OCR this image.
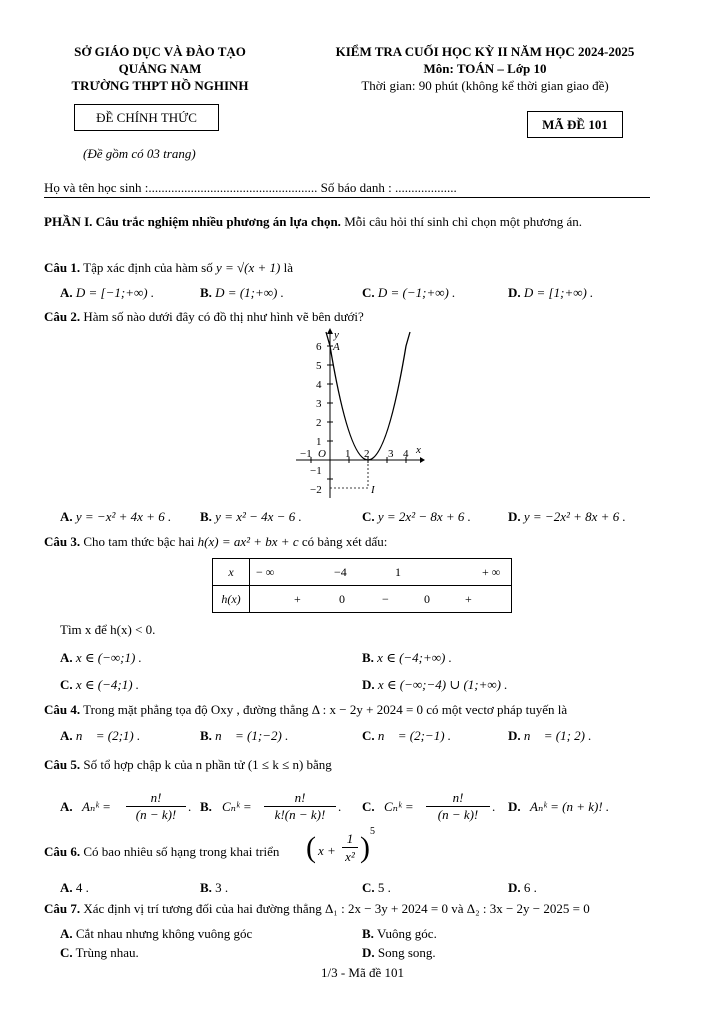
SỞ GIÁO DỤC VÀ ĐÀO TẠO
QUẢNG NAM
TRƯỜNG THPT HỒ NGHINH
KIỂM TRA CUỐI HỌC KỲ II NĂM HỌC 2024-2025
Môn: TOÁN – Lớp 10
Thời gian: 90 phút (không kể thời gian giao đề)
ĐỀ CHÍNH THỨC	MÃ ĐỀ 101
(Đề gồm có 03 trang)
Họ và tên học sinh :.................................................... Số báo danh : ...................
PHẦN I. Câu trắc nghiệm nhiều phương án lựa chọn. Mỗi câu hỏi thí sinh chỉ chọn một phương án.
Câu 1. Tập xác định của hàm số y = √(x + 1) là
A. D = [−1;+∞) .	B. D = (1;+∞) .	C. D = (−1;+∞) .	D. D = [1;+∞) .
Câu 2. Hàm số nào dưới đây có đồ thị như hình vẽ bên dưới?
6
5
4
3
2
1
−1
−2
−1	1 2 3 4
O	x
y
A
I
A. y = −x² + 4x + 6 . B. y = x² − 4x − 6 .	C. y = 2x² − 8x + 6 .	D. y = −2x² + 8x + 6 .
Câu 3. Cho tam thức bậc hai h(x) = ax² + bx + c có bảng xét dấu:
x	− ∞ −4 1 + ∞

h(x)	+ 0 − 0 +
Tìm x để h(x) < 0.
A. x ∈ (−∞;1) .	B. x ∈ (−4;+∞) .
C. x ∈ (−4;1) .	D. x ∈ (−∞;−4) ∪ (1;+∞) .
Câu 4. Trong mặt phẳng tọa độ Oxy , đường thẳng Δ : x − 2y + 2024 = 0 có một vectơ pháp tuyến là
A. n⃗ = (2;1) .	B. n⃗ = (1;−2) .	C. n⃗ = (2;−1) .	D. n⃗ = (1; 2) .
Câu 5. Số tổ hợp chập k của n phần tử (1 ≤ k ≤ n) bằng
A. Aₙᵏ =
n!
(n − k)!
. B. Cₙᵏ =
n!
k!(n − k)!
. C. Cₙᵏ =
n!
(n − k)!
. D. Aₙᵏ = (n + k)! .
Câu 6. Có bao nhiêu số hạng trong khai triển ( x +
1
x² ) 5
A. 4 .	B. 3 .	C. 5 .	D. 6 .
Câu 7. Xác định vị trí tương đối của hai đường thẳng Δ₁ : 2x − 3y + 2024 = 0 và Δ₂ : 3x − 2y − 2025 = 0
A. Cắt nhau nhưng không vuông góc	B. Vuông góc.
C. Trùng nhau.	D. Song song.
1/3 - Mã đề 101
